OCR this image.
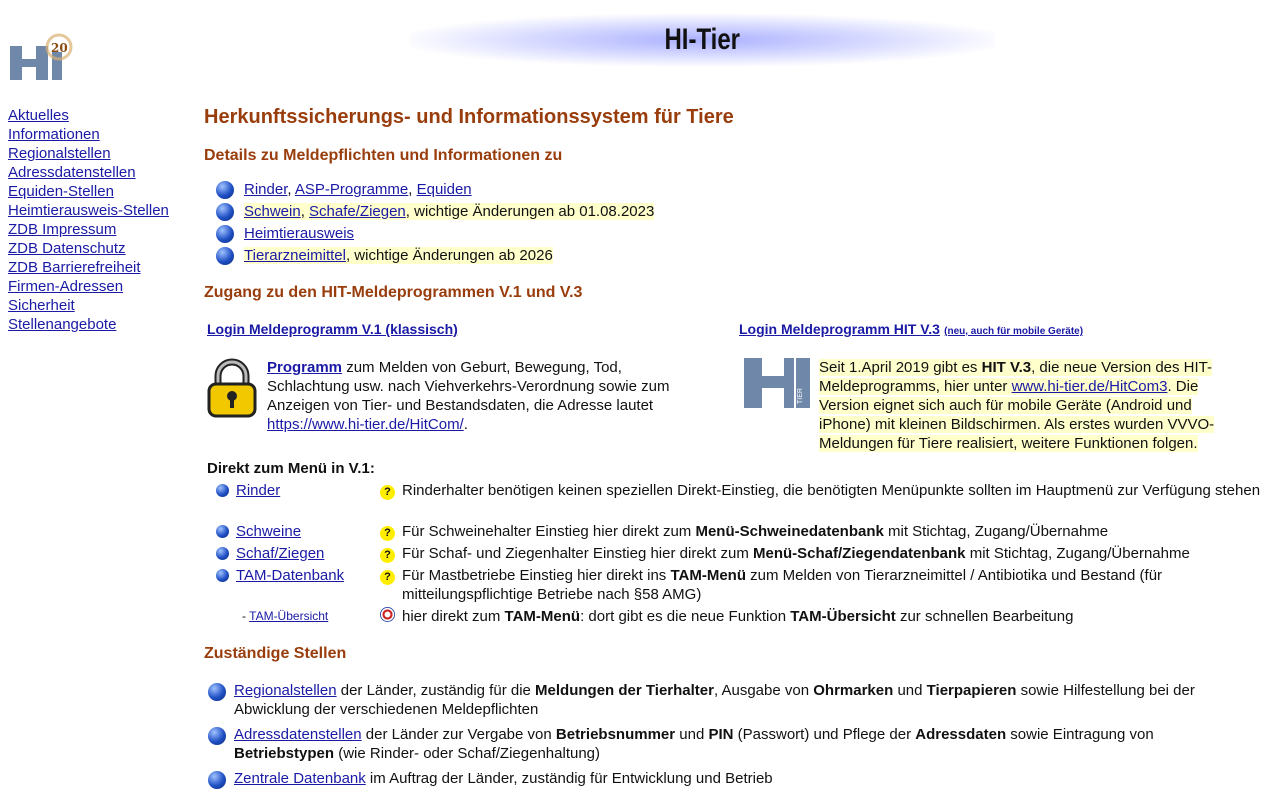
20	HI-Tier
Aktuelles
Informationen
Regionalstellen
Adressdatenstellen
Equiden-Stellen
Heimtierausweis-Stellen
ZDB Impressum
ZDB Datenschutz
ZDB Barrierefreiheit
Firmen-Adressen
Sicherheit
Stellenangebote
Herkunftssicherungs- und Informationssystem für Tiere
Details zu Meldepflichten und Informationen zu
Rinder, ASP-Programme, Equiden
Schwein, Schafe/Ziegen, wichtige Änderungen ab 01.08.2023
Heimtierausweis
Tierarzneimittel, wichtige Änderungen ab 2026
Zugang zu den HIT-Meldeprogrammen V.1 und V.3
Login Meldeprogramm V.1 (klassisch)
Programm zum Melden von Geburt, Bewegung, Tod, Schlachtung usw. nach Viehverkehrs-Verordnung sowie zum Anzeigen von Tier- und Bestandsdaten, die Adresse lautet https://www.hi-tier.de/HitCom/.
Login Meldeprogramm HIT V.3 (neu, auch für mobile Geräte)
TIER
Seit 1.April 2019 gibt es HIT V.3, die neue Version des HIT-Meldeprogramms, hier unter www.hi-tier.de/HitCom3. Die Version eignet sich auch für mobile Geräte (Android und iPhone) mit kleinen Bildschirmen. Als erstes wurden VVVO-Meldungen für Tiere realisiert, weitere Funktionen folgen.
Direkt zum Menü in V.1:
	Rinder	?	Rinderhalter benötigen keinen speziellen Direkt-Einstieg, die benötigten Menüpunkte sollten im Hauptmenü zur Verfügung stehen
	Schweine	?	Für Schweinehalter Einstieg hier direkt zum Menü-Schweinedatenbank mit Stichtag, Zugang/Übernahme
	Schaf/Ziegen	?	Für Schaf- und Ziegenhalter Einstieg hier direkt zum Menü-Schaf/Ziegendatenbank mit Stichtag, Zugang/Übernahme
	TAM-Datenbank	?	Für Mastbetriebe Einstieg hier direkt ins TAM-Menü zum Melden von Tierarzneimittel / Antibiotika und Bestand (für mitteilungspflichtige Betriebe nach §58 AMG)
	- TAM-Übersicht		hier direkt zum TAM-Menü: dort gibt es die neue Funktion TAM-Übersicht zur schnellen Bearbeitung
Zuständige Stellen
Regionalstellen der Länder, zuständig für die Meldungen der Tierhalter, Ausgabe von Ohrmarken und Tierpapieren sowie Hilfestellung bei der Abwicklung der verschiedenen Meldepflichten
Adressdatenstellen der Länder zur Vergabe von Betriebsnummer und PIN (Passwort) und Pflege der Adressdaten sowie Eintragung von Betriebstypen (wie Rinder- oder Schaf/Ziegenhaltung)
Zentrale Datenbank im Auftrag der Länder, zuständig für Entwicklung und Betrieb
